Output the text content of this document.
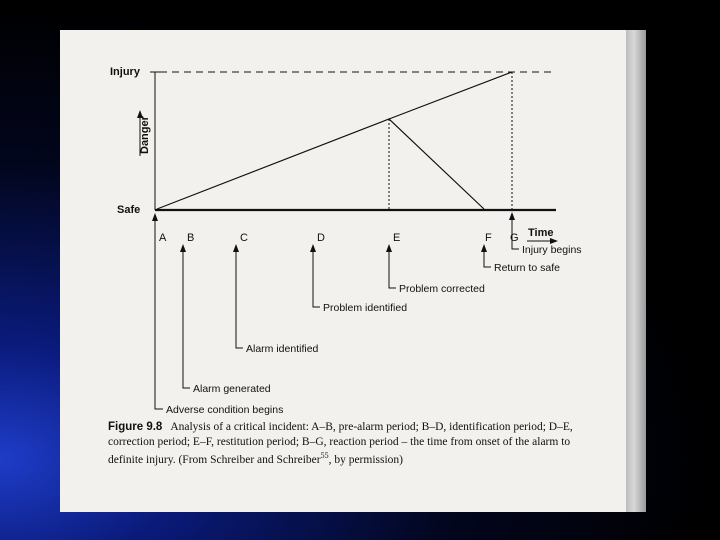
Injury
Safe
Danger
Time
A B	C	D	E	F G
Adverse condition begins
Alarm generated
Alarm identified
Problem identified
Problem corrected
Return to safe
Injury begins
Figure 9.8 Analysis of a critical incident: A–B, pre-alarm period; B–D, identification period; D–E, correction period; E–F, restitution period; B–G, reaction period – the time from onset of the alarm to definite injury. (From Schreiber and Schreiber$^{55}$, by permission)
